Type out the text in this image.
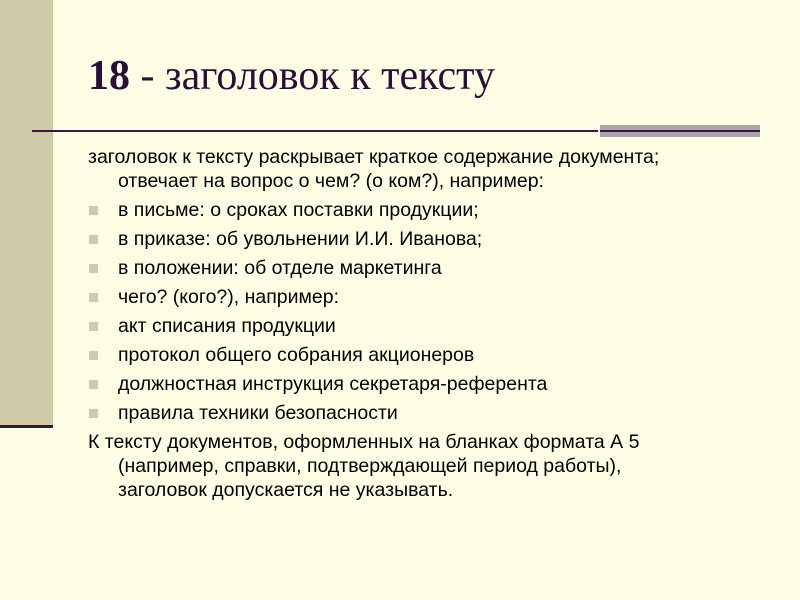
18 - заголовок к тексту
заголовок к тексту раскрывает краткое содержание документа;
отвечает на вопрос о чем? (о ком?), например:
в письме: о сроках поставки продукции;
в приказе: об увольнении И.И. Иванова;
в положении: об отделе маркетинга
чего? (кого?), например:
акт списания продукции
протокол общего собрания акционеров
должностная инструкция секретаря-референта
правила техники безопасности
К тексту документов, оформленных на бланках формата А 5
(например, справки, подтверждающей период работы),
заголовок допускается не указывать.
